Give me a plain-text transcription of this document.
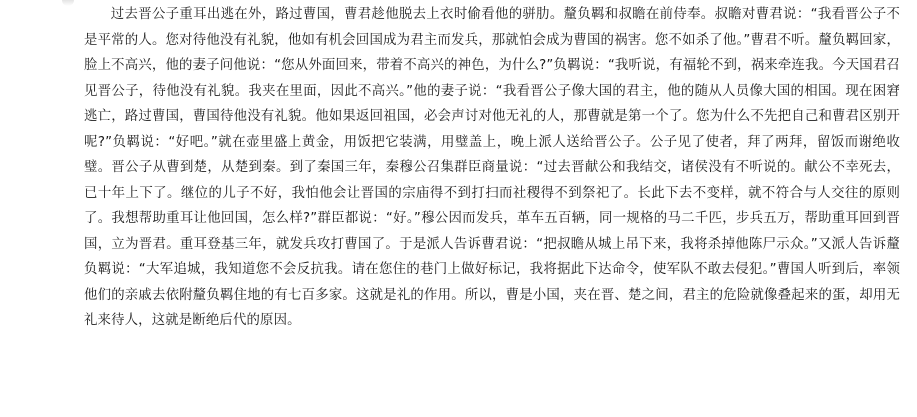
过去晋公子重耳出逃在外，路过曹国，曹君趁他脱去上衣时偷看他的骈肋。釐负羁和叔瞻在前侍奉。叔瞻对曹君说：“我看晋公子不是平常的人。您对待他没有礼貌，他如有机会回国成为君主而发兵，那就怕会成为曹国的祸害。您不如杀了他。”曹君不听。釐负羁回家，脸上不高兴，他的妻子问他说：“您从外面回来，带着不高兴的神色，为什么?”负羁说：“我听说，有福轮不到，祸来牵连我。今天国君召见晋公子，待他没有礼貌。我夹在里面，因此不高兴。”他的妻子说：“我看晋公子像大国的君主，他的随从人员像大国的相国。现在困窘逃亡，路过曹国，曹国待他没有礼貌。他如果返回祖国，必会声讨对他无礼的人，那曹就是第一个了。您为什么不先把自己和曹君区别开呢?”负羁说：“好吧。”就在壶里盛上黄金，用饭把它装满，用璧盖上，晚上派人送给晋公子。公子见了使者，拜了两拜，留饭而谢绝收璧。晋公子从曹到楚，从楚到秦。到了秦国三年，秦穆公召集群臣商量说：“过去晋献公和我结交，诸侯没有不听说的。献公不幸死去，已十年上下了。继位的儿子不好，我怕他会让晋国的宗庙得不到打扫而社稷得不到祭祀了。长此下去不变样，就不符合与人交往的原则了。我想帮助重耳让他回国，怎么样?”群臣都说：“好。”穆公因而发兵，革车五百辆，同一规格的马二千匹，步兵五万，帮助重耳回到晋国，立为晋君。重耳登基三年，就发兵攻打曹国了。于是派人告诉曹君说：“把叔瞻从城上吊下来，我将杀掉他陈尸示众。”又派人告诉釐负羁说：“大军追城，我知道您不会反抗我。请在您住的巷门上做好标记，我将据此下达命令，使军队不敢去侵犯。”曹国人听到后，率领他们的亲戚去依附釐负羁住地的有七百多家。这就是礼的作用。所以，曹是小国，夹在晋、楚之间，君主的危险就像叠起来的蛋，却用无礼来待人，这就是断绝后代的原因。
